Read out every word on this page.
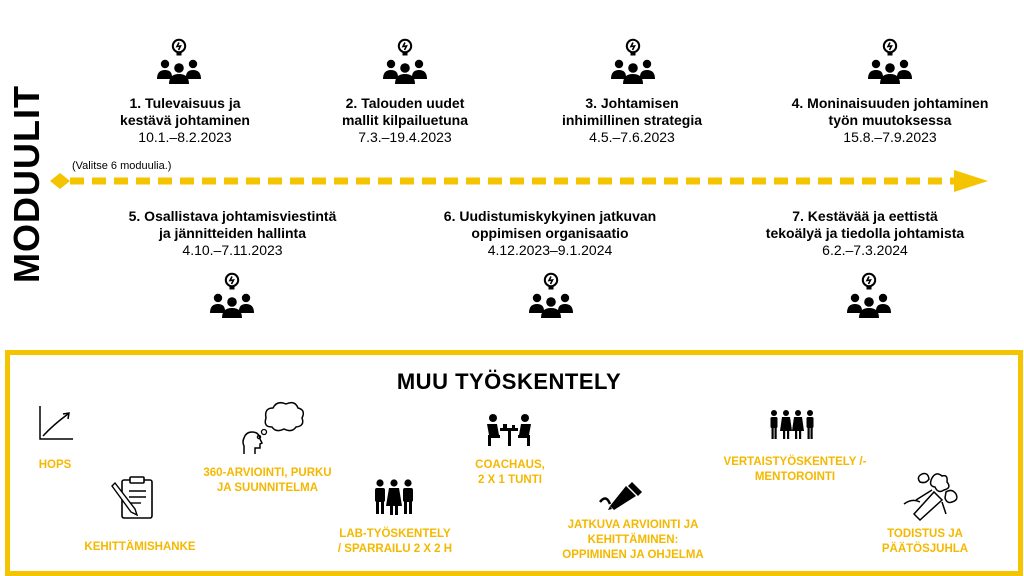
MODUULIT	1. Tulevaisuus ja
kestävä johtaminen
10.1.–8.2.2023
2. Talouden uudet
mallit kilpailuetuna
7.3.–19.4.2023
3. Johtamisen
inhimillinen strategia
4.5.–7.6.2023
4. Moninaisuuden johtaminen
työn muutoksessa
15.8.–7.9.2023
(Valitse 6 moduulia.)
5. Osallistava johtamisviestintä
ja jännitteiden hallinta
4.10.–7.11.2023
6. Uudistumiskykyinen jatkuvan
oppimisen organisaatio
4.12.2023–9.1.2024
7. Kestävää ja eettistä
tekoälyä ja tiedolla johtamista
6.2.–7.3.2024
MUU TYÖSKENTELY
HOPS
KEHITTÄMISHANKE
360-ARVIOINTI, PURKU
JA SUUNNITELMA
LAB-TYÖSKENTELY
/ SPARRAILU 2 X 2 H
COACHAUS,
2 X 1 TUNTI
JATKUVA ARVIOINTI JA
KEHITTÄMINEN:
OPPIMINEN JA OHJELMA
VERTAISTYÖSKENTELY /-
MENTOROINTI
TODISTUS JA
PÄÄTÖSJUHLA
